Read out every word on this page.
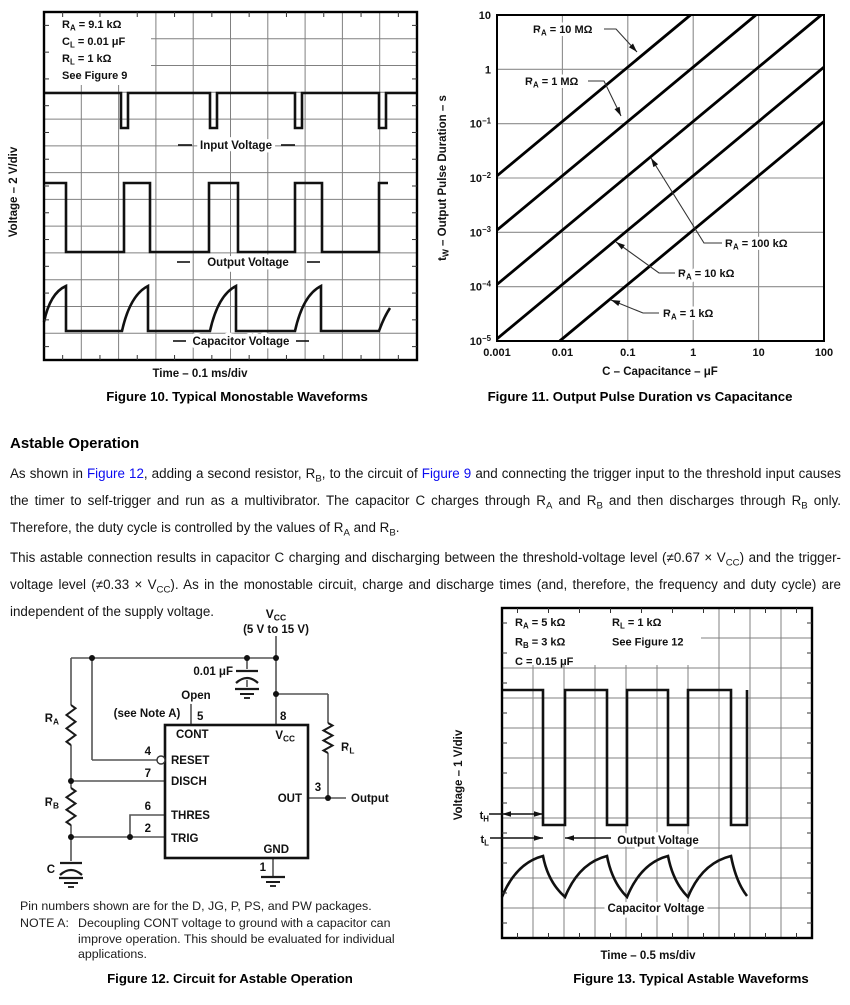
Input Voltage
Output Voltage
Capacitor Voltage
$R_A = 9.1$ kΩ
$C_L = 0.01$ μF
$R_L = 1$ kΩ
See Figure 9
Time – 0.1 ms/div
Voltage – 2 V/div
Output Voltage
Capacitor Voltage
$R_A = 5$ kΩ
$R_B = 3$ kΩ
C = 0.15 μF
$R_L = 1$ kΩ
See Figure 12
Time – 0.5 ms/div
Voltage – 1 V/div $t_H$
$t_L$
$R_A = 10$ MΩ
$R_A = 1$ MΩ
$R_A = 100$ kΩ
$R_A = 10$ kΩ
$R_A = 1$ kΩ
10
1
$10^{-1}$
$10^{-2}$
$10^{-3}$
$10^{-4}$
$10^{-5}$
0.001	0.01	0.1	1	10	100
C – Capacitance – μF
$t_W$ – Output Pulse Duration – s
$V_{CC}$
(5 V to 15 V)
0.01 μF
Open
(see Note A) 5	8
CONT	$V_{CC}$
4
RESET
$R_A$
7
DISCH
$R_L$
3
OUT	Output
6
THRES
$R_B$
2
TRIG
GND
1
C
Figure 10. Typical Monostable Waveforms	Figure 11. Output Pulse Duration vs Capacitance
Astable Operation
As shown in Figure 12, adding a second resistor, $R_B$, to the circuit of Figure 9 and connecting the trigger input to the threshold input causes the timer to self-trigger and run as a multivibrator. The capacitor C charges through $R_A$ and $R_B$ and then discharges through $R_B$ only. Therefore, the duty cycle is controlled by the values of $R_A$ and $R_B$.
This astable connection results in capacitor C charging and discharging between the threshold-voltage level $(\ne 0.67 \times V_{CC})$ and the trigger-voltage level $(\ne 0.33 \times V_{CC})$. As in the monostable circuit, charge and discharge times (and, therefore, the frequency and duty cycle) are independent of the supply voltage.
Pin numbers shown are for the D, JG, P, PS, and PW packages.
NOTE A: Decoupling CONT voltage to ground with a capacitor can improve operation. This should be evaluated for individual applications.
Figure 12. Circuit for Astable Operation	Figure 13. Typical Astable Waveforms
